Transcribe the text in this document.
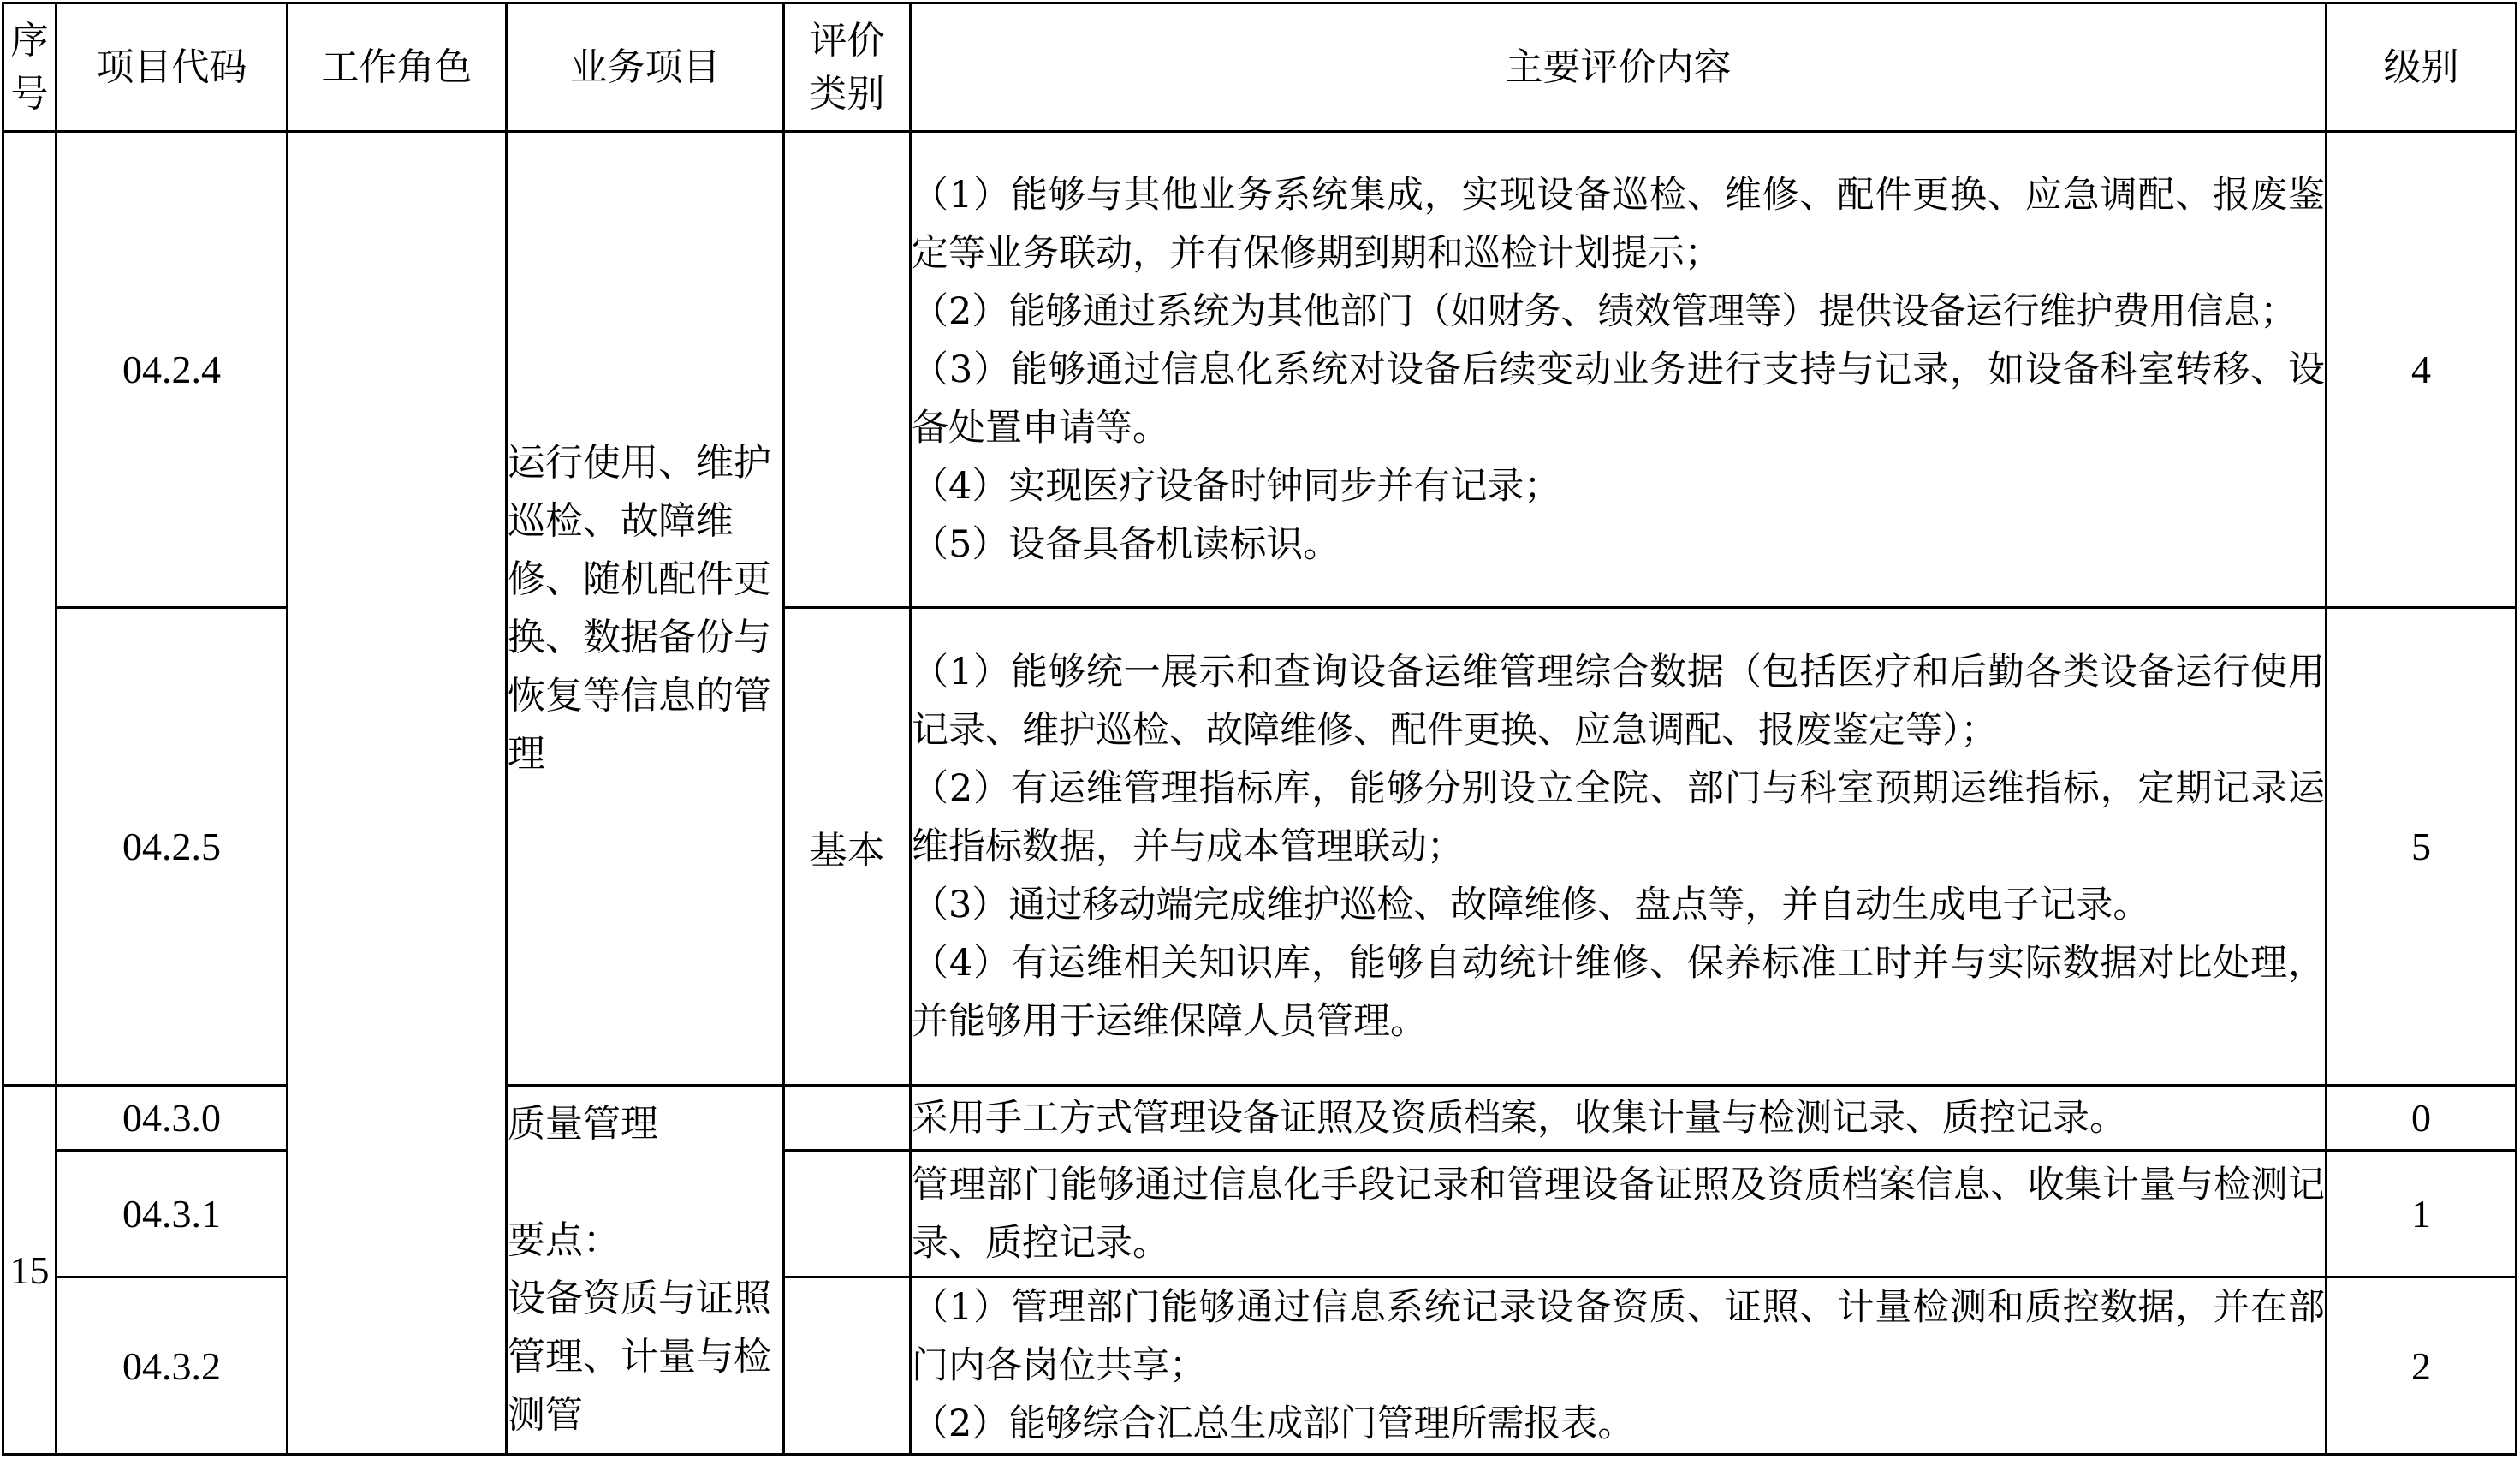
序号	项目代码	工作角色	业务项目	评价类别	主要评价内容	级别
	04.2.4		运行使用、维护巡检、故障维修、随机配件更换、数据备份与恢复等信息的管理		（1）能够与其他业务系统集成，实现设备巡检、维修、配件更换、应急调配、报废鉴定等业务联动，并有保修期到期和巡检计划提示；
（2）能够通过系统为其他部门（如财务、绩效管理等）提供设备运行维护费用信息；
（3）能够通过信息化系统对设备后续变动业务进行支持与记录，如设备科室转移、设备处置申请等。
（4）实现医疗设备时钟同步并有记录；
（5）设备具备机读标识。	4
	04.2.5			基本	（1）能够统一展示和查询设备运维管理综合数据（包括医疗和后勤各类设备运行使用记录、维护巡检、故障维修、配件更换、应急调配、报废鉴定等）；
（2）有运维管理指标库，能够分别设立全院、部门与科室预期运维指标，定期记录运维指标数据，并与成本管理联动；
（3）通过移动端完成维护巡检、故障维修、盘点等，并自动生成电子记录。
（4）有运维相关知识库，能够自动统计维修、保养标准工时并与实际数据对比处理，并能够用于运维保障人员管理。	5
15	04.3.0		质量管理
要点：
设备资质与证照管理、计量与检测管		采用手工方式管理设备证照及资质档案，收集计量与检测记录、质控记录。	0
	04.3.1				管理部门能够通过信息化手段记录和管理设备证照及资质档案信息、收集计量与检测记录、质控记录。	1
	04.3.2				（1）管理部门能够通过信息系统记录设备资质、证照、计量检测和质控数据，并在部门内各岗位共享；
（2）能够综合汇总生成部门管理所需报表。	2
